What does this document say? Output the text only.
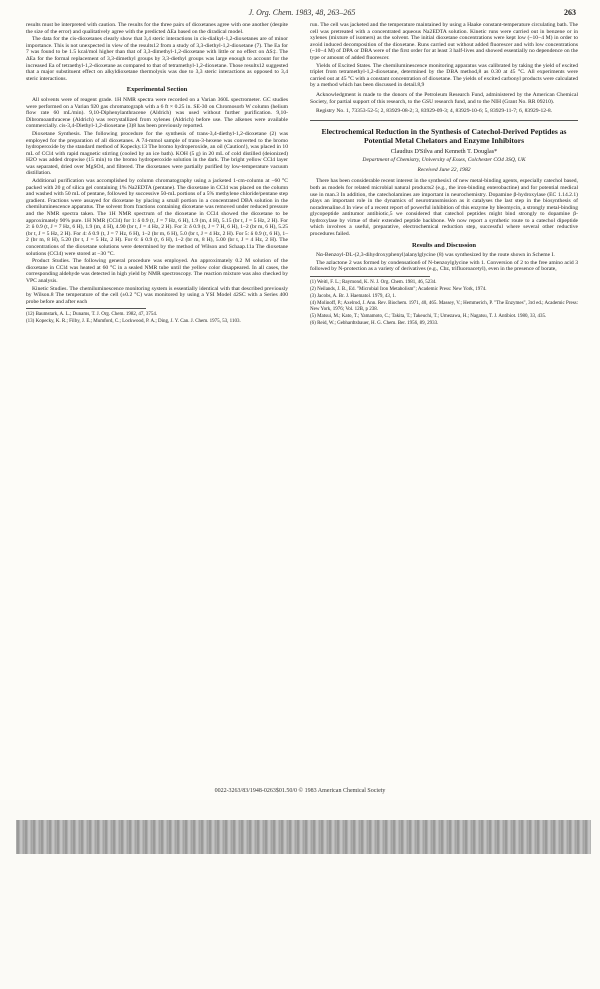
J. Org. Chem. 1983, 48, 263–265	263

results must be interpreted with caution. The results for the three pairs of dioxetanes agree with one another (despite the size of the error) and qualitatively agree with the predicted ΔEa based on the diradical model.

The data for the cis-dioxetanes clearly show that 3,4 steric interactions in cis-dialkyl-1,2-dioxetanes are of minor importance. This is not unexpected in view of the results12 from a study of 3,3-diethyl-1,2-dioxetane (7). The Ea for 7 was found to be 1.5 kcal/mol higher than that of 3,3-dimethyl-1,2-dioxetane with little or no effect on ΔS‡. The ΔEa for the formal replacement of 3,3-dimethyl groups by 3,3-diethyl groups was large enough to account for the increased Ea of tetraethyl-1,2-dioxetane as compared to that of tetramethyl-1,2-dioxetane. Those results12 suggested that a major substituent effect on alkyldioxetane thermolysis was due to 3,3 steric interactions as opposed to 3,4 steric interactions.

Experimental Section

All solvents were of reagent grade. 1H NMR spectra were recorded on a Varian 360L spectrometer. GC studies were performed on a Varian 920 gas chromatograph with a 6 ft × 0.25 in. SE-30 on Chromosorb W column (helium flow rate 60 mL/min). 9,10-Diphenylanthracene (Aldrich) was used without further purification. 9,10-Dibromoanthracene (Aldrich) was recrystallized from xylenes (Aldrich) before use. The alkenes were available commercially. cis-3,4-Diethyl-1,2-dioxetane (3)8 has been previously reported.

Dioxetane Synthesis. The following procedure for the synthesis of trans-3,4-diethyl-1,2-dioxetane (2) was employed for the preparation of all dioxetanes. A 74-mmol sample of trans-3-hexene was converted to the bromo hydroperoxide by the standard method of Kopecky.13 The bromo hydroperoxide, an oil (Caution!), was placed in 10 mL of CCl4 with rapid magnetic stirring (cooled by an ice bath). KOH (5 g) in 20 mL of cold distilled (deionized) H2O was added dropwise (15 min) to the bromo hydroperoxide solution in the dark. The bright yellow CCl4 layer was separated, dried over MgSO4, and filtered. The dioxetanes were partially purified by low-temperature vacuum distillation.

Additional purification was accomplished by column chromatography using a jacketed 1-cm-column at −60 °C packed with 20 g of silica gel containing 1% Na2EDTA (pentane). The dioxetane in CCl4 was placed on the column and washed with 50 mL of pentane, followed by successive 50-mL portions of a 5% methylene chloride/pentane step gradient. Fractions were assayed for dioxetane by placing a small portion in a concentrated DBA solution in the chemiluminescence apparatus. The solvent from fractions containing dioxetane was removed under reduced pressure and the NMR spectra taken. The 1H NMR spectrum of the dioxetane in CCl4 showed the dioxetane to be approximately 90% pure. 1H NMR (CCl4) for 1: δ 0.9 (t, J = 7 Hz, 6 H), 1.9 (m, 4 H), 5.15 (br t, J = 5 Hz, 2 H). For 2: δ 0.9 (t, J = 7 Hz, 6 H), 1.9 (m, 4 H), 4.90 (br t, J = 4 Hz, 2 H). For 3: δ 0.9 (t, J = 7 H, 6 H), 1–2 (br m, 6 H), 5.25 (br t, J = 5 Hz, 2 H). For 4: δ 0.9 (t, J = 7 Hz, 6 H), 1–2 (br m, 6 H), 5.0 (br t, J = 4 Hz, 2 H). For 5: δ 0.9 (t, 6 H), 1–2 (br m, 8 H), 5.20 (br t, J = 5 Hz, 2 H). For 6: δ 0.9 (t, 6 H), 1–2 (br m, 8 H), 5.00 (br t, J = 4 Hz, 2 H). The concentrations of the dioxetane solutions were determined by the method of Wilson and Schaap.11a The dioxetane solutions (CCl4) were stored at −30 °C.

Product Studies. The following general procedure was employed. An approximately 0.2 M solution of the dioxetane in CCl4 was heated at 60 °C in a sealed NMR tube until the yellow color disappeared. In all cases, the corresponding aldehyde was detected in high yield by NMR spectroscopy. The reaction mixture was also checked by VPC analysis.

Kinetic Studies. The chemiluminescence monitoring system is essentially identical with that described previously by Wilson.8 The temperature of the cell (±0.2 °C) was monitored by using a YSI Model 42SC with a Series 400 probe before and after each

(12) Baumstark, A. L.; Dunams, T. J. Org. Chem. 1982, 47, 3754.

(13) Kopecky, K. R.; Filby, J. E.; Mumford, C.; Lockwood, P. A.; Ding, J. Y. Can. J. Chem. 1975, 53, 1103.

run. The cell was jacketed and the temperature maintained by using a Haake constant-temperature circulating bath. The cell was pretreated with a concentrated aqueous Na2EDTA solution. Kinetic runs were carried out in benzene or in xylenes (mixture of isomers) as the solvent. The initial dioxetane concentrations were kept low (~10−4 M) in order to avoid induced decomposition of the dioxetane. Runs carried out without added fluorescer and with low concentrations (~10−4 M) of DPA or DBA were of the first order for at least 3 half-lives and showed essentially no dependence on the type or amount of added fluorescer.

Yields of Excited States. The chemiluminescence monitoring apparatus was calibrated by taking the yield of excited triplet from tetramethyl-1,2-dioxetane, determined by the DBA method,8 as 0.30 at 45 °C. All experiments were carried out at 45 °C with a constant concentration of dioxetane. The yields of excited carbonyl products were calculated by a method which has been discussed in detail.8,9

Acknowledgment is made to the donors of the Petroleum Research Fund, administered by the American Chemical Society, for partial support of this research, to the GSU research fund, and to the NIH (Grant No. RR 09210).

Registry No. 1, 73353-52-5; 2, 83929-08-2; 3, 83929-09-3; 4, 83929-10-6; 5, 83929-11-7; 6, 83929-12-8.

Electrochemical Reduction in the Synthesis of Catechol-Derived Peptides as Potential Metal Chelators and Enzyme Inhibitors
Claudius D'Silva and Kenneth T. Douglas*
Department of Chemistry, University of Essex, Colchester CO4 3SQ, UK
Received June 22, 1982

There has been considerable recent interest in the synthesis1 of new metal-binding agents, especially catechol based, both as models for related microbial natural products2 (e.g., the iron-binding enterobactine) and for potential medical use in man.3 In addition, the catecholamines are important in neurochemistry. Dopamine β-hydroxylase (EC 1.14.2.1) plays an important role in the dynamics of neurotransmission as it catalyses the last step in the biosynthesis of noradrenaline.4 In view of a recent report of powerful inhibition of this enzyme by bleomycin, a strongly metal-binding glycopeptide antitumor antibiotic,5 we considered that catechol peptides might bind strongly to dopamine β-hydroxylase by virtue of their extended peptide backbone. We now report a synthetic route to a catechol dipeptide which involves a useful, preparative, electrochemical reduction step, successful where several other reductive procedures failed.

Results and Discussion

Nα-Benzoyl-DL-(2,3-dihydroxyphenyl)alanylglycine (8) was synthesized by the route shown in Scheme I.

The azlactone 2 was formed by condensation6 of N-benzoylglycine with 1. Conversion of 2 to the free amino acid 3 followed by N-protection as a variety of derivatives (e.g., Cbz, trifluoroacetyl), even in the presence of borate,

(1) Weitl, F. L.; Raymond, K. N. J. Org. Chem. 1981, 46, 5234.

(2) Neilands, J. B., Ed. "Microbial Iron Metabolism"; Academic Press: New York, 1974.

(3) Jacobs, A. Br. J. Haematol. 1979, 43, 1.

(4) Molinoff, P.; Axelrod, J. Ann. Rev. Biochem. 1971, 40, 465. Massey, V.; Hemmerich, P. "The Enzymes", 3rd ed.; Academic Press: New York, 1976; Vol. 12B, p 238.

(5) Matsui, M.; Kato, T.; Yamamoto, C.; Takita, T.; Takeuchi, T.; Umezawa, H.; Nagatsu, T. J. Antibiot. 1980, 33, 435.

(6) Reid, W.; Gebhardtsbauer, H. G. Chem. Ber. 1956, 89, 2933.

0022-3263/83/1948-0263$01.50/0 © 1983 American Chemical Society
